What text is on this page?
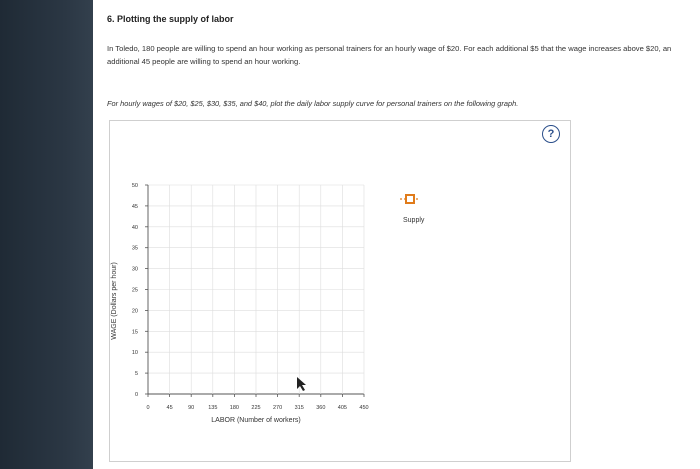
6. Plotting the supply of labor
In Toledo, 180 people are willing to spend an hour working as personal trainers for an hourly wage of $20. For each additional $5 that the wage increases above $20, an additional 45 people are willing to spend an hour working.
For hourly wages of $20, $25, $30, $35, and $40, plot the daily labor supply curve for personal trainers on the following graph.
?
0
5
10
15
20
25
30
35
40
45
50
0	45	90	135 180 225 270 315 360 405 450
LABOR (Number of workers)
WAGE (Dollars per hour)
Supply
